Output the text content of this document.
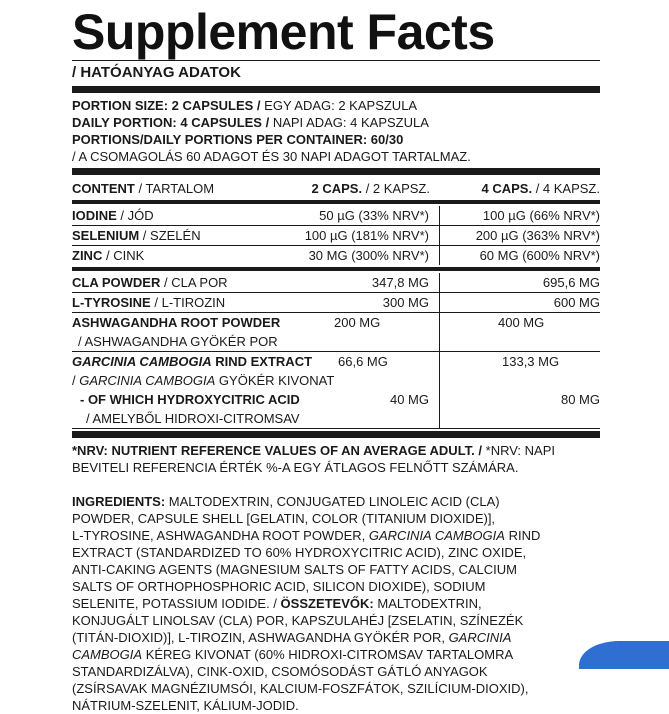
Supplement Facts
/ HATÓANYAG ADATOK
PORTION SIZE: 2 CAPSULES / EGY ADAG: 2 KAPSZULA
DAILY PORTION: 4 CAPSULES / NAPI ADAG: 4 KAPSZULA
PORTIONS/DAILY PORTIONS PER CONTAINER: 60/30
/ A CSOMAGOLÁS 60 ADAGOT ÉS 30 NAPI ADAGOT TARTALMAZ.
CONTENT / TARTALOM	2 CAPS. / 2 KAPSZ.	4 CAPS. / 4 KAPSZ.
IODINE / JÓD	50 µG (33% NRV*)	100 µG (66% NRV*)
SELENIUM / SZELÉN	100 µG (181% NRV*)	200 µG (363% NRV*)
ZINC / CINK	30 MG (300% NRV*)	60 MG (600% NRV*)
CLA POWDER / CLA POR	347,8 MG	695,6 MG
L-TYROSINE / L-TIROZIN	300 MG	600 MG
ASHWAGANDHA ROOT POWDER	200 MG	400 MG
/ ASHWAGANDHA GYÖKÉR POR
GARCINIA CAMBOGIA RIND EXTRACT	66,6 MG	133,3 MG
/ GARCINIA CAMBOGIA GYÖKÉR KIVONAT
- OF WHICH HYDROXYCITRIC ACID	40 MG	80 MG
/ AMELYBŐL HIDROXI-CITROMSAV
*NRV: NUTRIENT REFERENCE VALUES OF AN AVERAGE ADULT. / *NRV: NAPI
BEVITELI REFERENCIA ÉRTÉK %-A EGY ÁTLAGOS FELNŐTT SZÁMÁRA.

INGREDIENTS: MALTODEXTRIN, CONJUGATED LINOLEIC ACID (CLA)

POWDER, CAPSULE SHELL [GELATIN, COLOR (TITANIUM DIOXIDE)],

L-TYROSINE, ASHWAGANDHA ROOT POWDER, GARCINIA CAMBOGIA RIND

EXTRACT (STANDARDIZED TO 60% HYDROXYCITRIC ACID), ZINC OXIDE,

ANTI-CAKING AGENTS (MAGNESIUM SALTS OF FATTY ACIDS, CALCIUM

SALTS OF ORTHOPHOSPHORIC ACID, SILICON DIOXIDE), SODIUM

SELENITE, POTASSIUM IODIDE. / ÖSSZETEVŐK: MALTODEXTRIN,

KONJUGÁLT LINOLSAV (CLA) POR, KAPSZULAHÉJ [ZSELATIN, SZÍNEZÉK

(TITÁN-DIOXID)], L-TIROZIN, ASHWAGANDHA GYÖKÉR POR, GARCINIA

CAMBOGIA KÉREG KIVONAT (60% HIDROXI-CITROMSAV TARTALOMRA

STANDARDIZÁLVA), CINK-OXID, CSOMÓSODÁST GÁTLÓ ANYAGOK

(ZSÍRSAVAK MAGNÉZIUMSÓI, KALCIUM-FOSZFÁTOK, SZILÍCIUM-DIOXID),

NÁTRIUM-SZELENIT, KÁLIUM-JODID.
